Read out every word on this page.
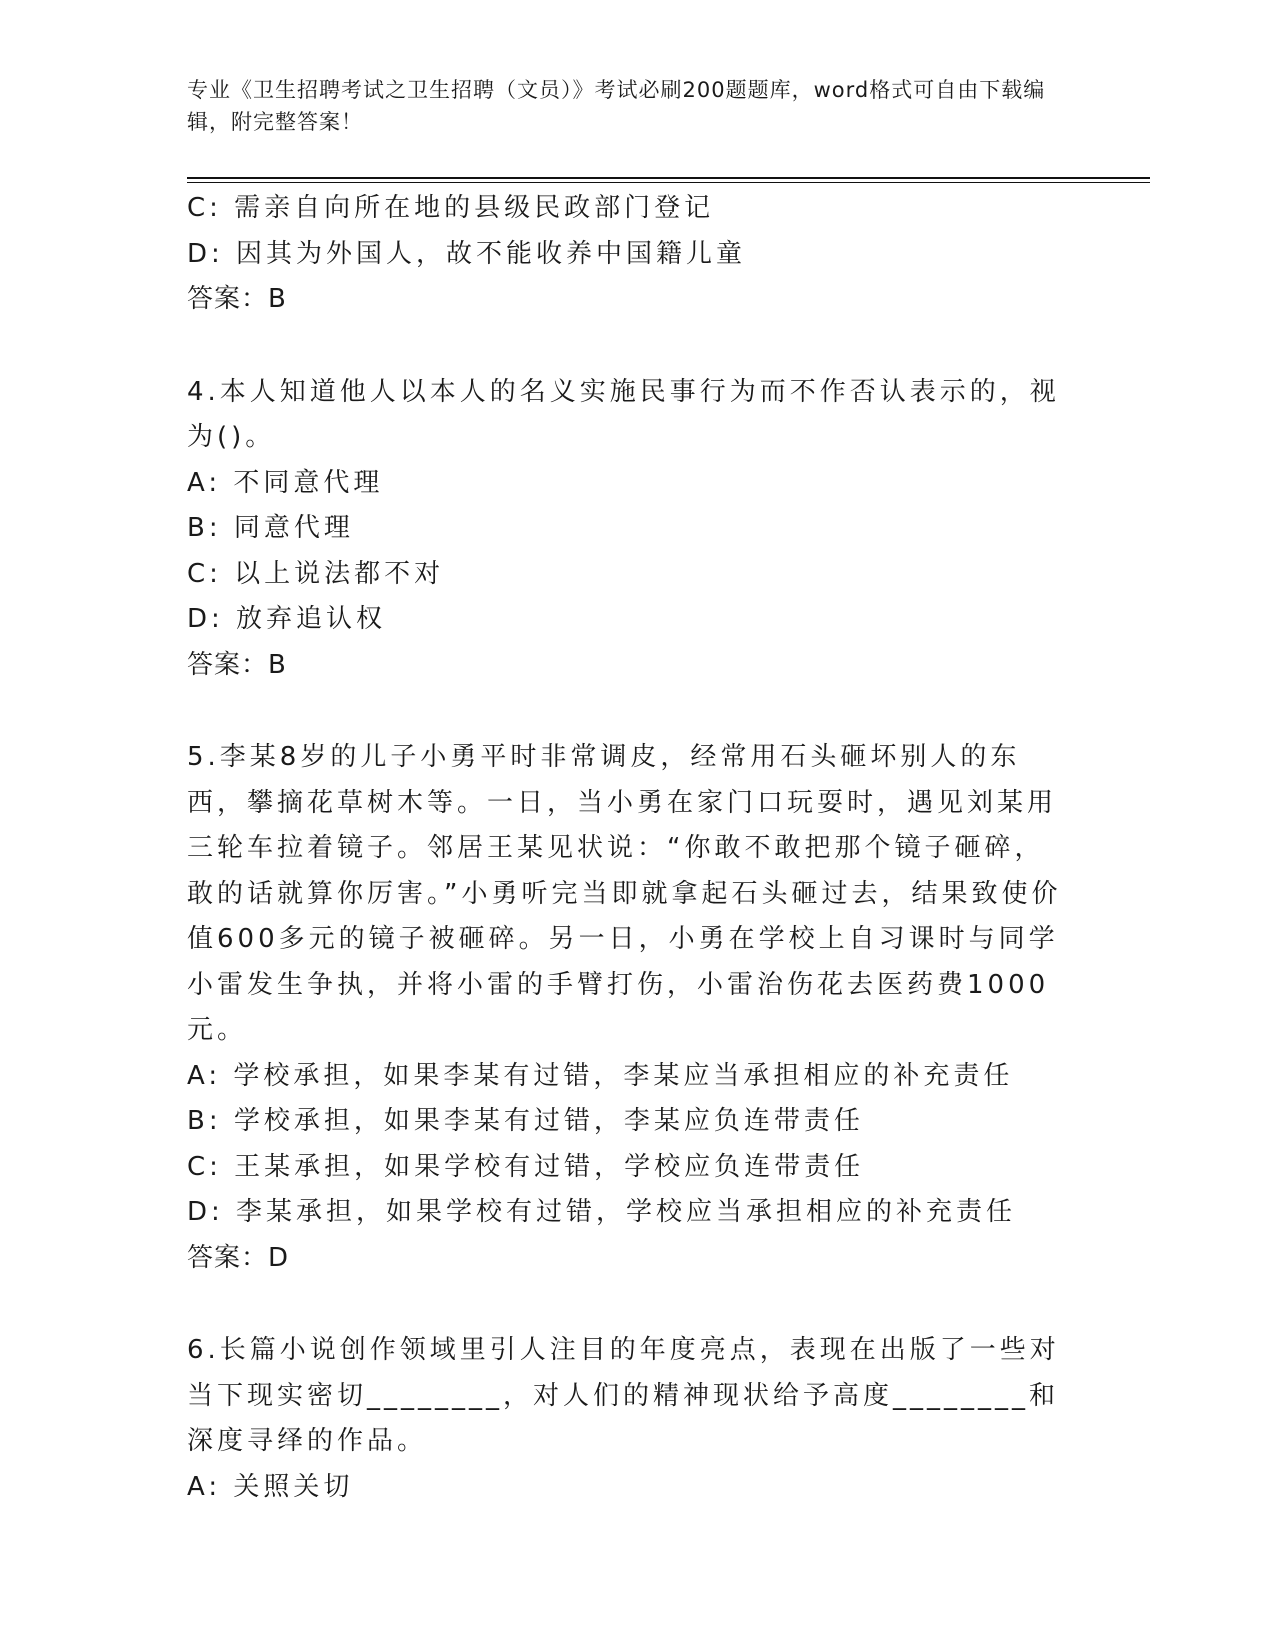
专业《卫生招聘考试之卫生招聘（文员）》考试必刷200题题库，word格式可自由下载编辑，附完整答案！
C: 需亲自向所在地的县级民政部门登记
D: 因其为外国人，故不能收养中国籍儿童
答案：B
4.本人知道他人以本人的名义实施民事行为而不作否认表示的，视为()。
A: 不同意代理
B: 同意代理
C: 以上说法都不对
D: 放弃追认权
答案：B
5.李某8岁的儿子小勇平时非常调皮，经常用石头砸坏别人的东西，攀摘花草树木等。一日，当小勇在家门口玩耍时，遇见刘某用三轮车拉着镜子。邻居王某见状说：“你敢不敢把那个镜子砸碎，敢的话就算你厉害。”小勇听完当即就拿起石头砸过去，结果致使价值600多元的镜子被砸碎。另一日，小勇在学校上自习课时与同学小雷发生争执，并将小雷的手臂打伤，小雷治伤花去医药费1000元。
A: 学校承担，如果李某有过错，李某应当承担相应的补充责任
B: 学校承担，如果李某有过错，李某应负连带责任
C: 王某承担，如果学校有过错，学校应负连带责任
D: 李某承担，如果学校有过错，学校应当承担相应的补充责任
答案：D
6.长篇小说创作领域里引人注目的年度亮点，表现在出版了一些对当下现实密切________，对人们的精神现状给予高度________和深度寻绎的作品。
A: 关照关切
